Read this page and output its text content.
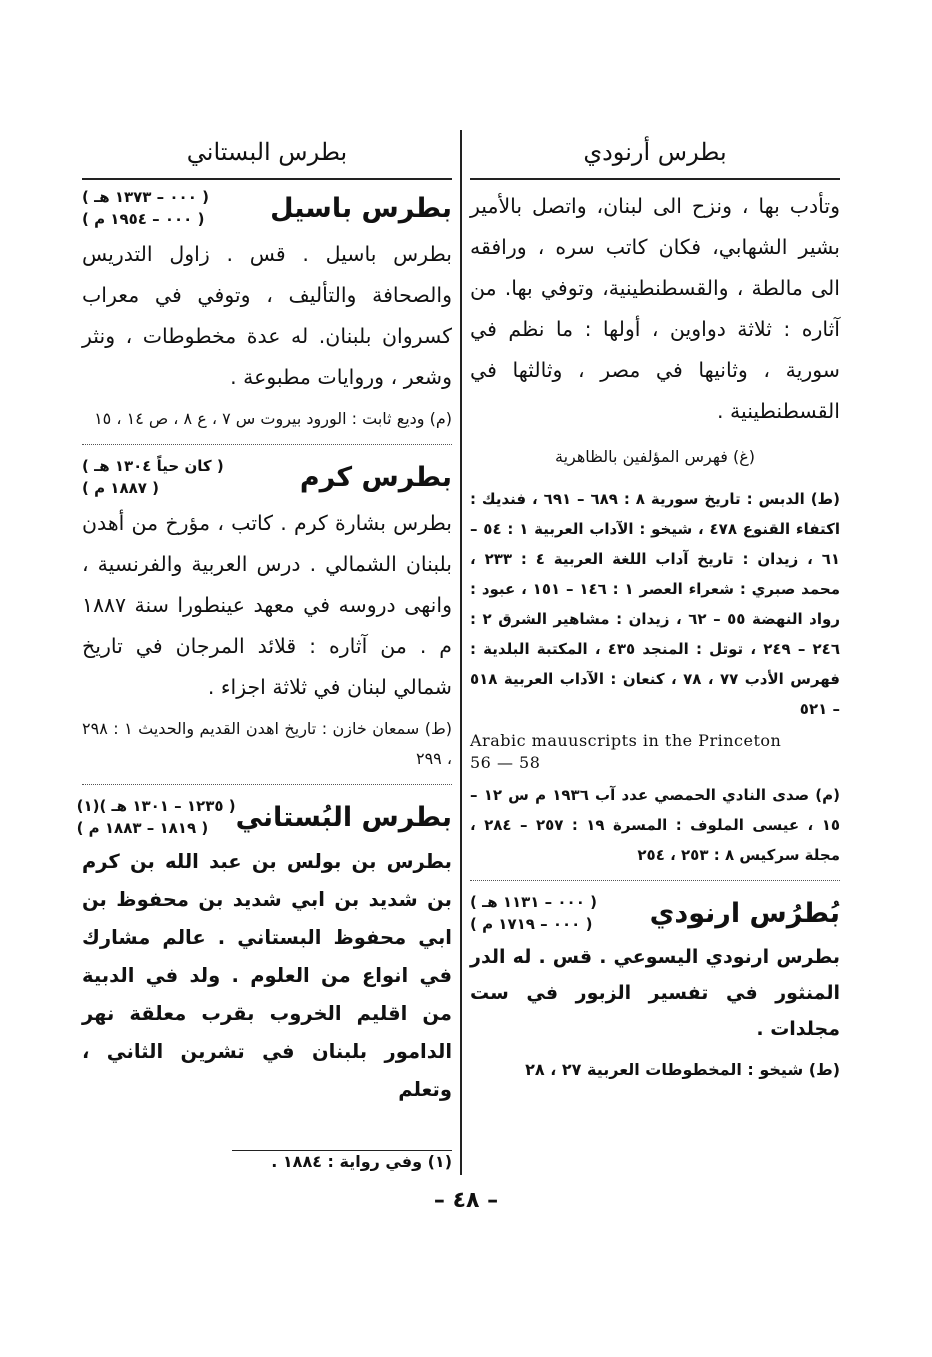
بطرس أرنودي
وتأدب بها ، ونزح الى لبنان، واتصل بالأمير بشير الشهابي، فكان كاتب سره ، ورافقه الى مالطة ، والقسطنطينية، وتوفي بها. من آثاره : ثلاثة دواوين ، أولها : ما نظم في سورية ، وثانيها في مصر ، وثالثها في القسطنطينية .
(غ) فهرس المؤلفين بالظاهرية
(ط) الدبس : تاريخ سورية ٨ : ٦٨٩ – ٦٩١ ، فنديك : اكتفاء القنوع ٤٧٨ ، شيخو : الآداب العربية ١ : ٥٤ – ٦١ ، زيدان : تاريخ آداب اللغة العربية ٤ : ٢٣٣ ، محمد صبري : شعراء العصر ١ : ١٤٦ – ١٥١ ، عبود : رواد النهضة ٥٥ – ٦٢ ، زيدان : مشاهير الشرق ٢ : ٢٤٦ – ٢٤٩ ، توتل : المنجد ٤٣٥ ، المكتبة البلدية : فهرس الأدب ٧٧ ، ٧٨ ، كنعان : الآداب العربية ٥١٨ – ٥٢١
Arabic mauuscripts in the Princeton
56 — 58
(م) صدى النادي الحمصي عدد آب ١٩٣٦ م س ١٢ – ١٥ ، عيسى الملوف : المسرة ١٩ : ٢٥٧ – ٢٨٤ ، مجلة سركيس ٨ : ٢٥٣ ، ٢٥٤
بُطرُس ارنودي
( ٠٠٠ – ١١٣١ هـ )
( ٠٠٠ – ١٧١٩ م )
بطرس ارنودي اليسوعي . قس . له الدر المنثور في تفسير الزبور في ست مجلدات .
(ط) شيخو : المخطوطات العربية ٢٧ ، ٢٨
بطرس البستاني
بطرس باسيل
( ٠٠٠ – ١٣٧٣ هـ )
( ٠٠٠ – ١٩٥٤ م )
بطرس باسيل . قس . زاول التدريس والصحافة والتأليف ، وتوفي في معراب كسروان بلبنان. له عدة مخطوطات ، ونثر وشعر ، وروايات مطبوعة .
(م) وديع ثابت : الورود بيروت س ٧ ، ع ٨ ، ص ١٤ ، ١٥
بطرس كرم
( كان حياً ١٣٠٤ هـ )
( ١٨٨٧ م )
بطرس بشارة كرم . كاتب ، مؤرخ من أهدن بلبنان الشمالي . درس العربية والفرنسية ، وانهى دروسه في معهد عينطورا سنة ١٨٨٧ م . من آثاره : قلائد المرجان في تاريخ شمالي لبنان في ثلاثة اجزاء .
(ط) سمعان خازن : تاريخ اهدن القديم والحديث ١ : ٢٩٨ ، ٢٩٩
بطرس البُستاني
( ١٢٣٥ – ١٣٠١ هـ )(١)
( ١٨١٩ – ١٨٨٣ م )
بطرس بن بولس بن عبد الله بن كرم بن شديد بن ابي شديد بن محفوظ بن ابي محفوظ البستاني . عالم مشارك في انواع من العلوم . ولد في الدبية من اقليم الخروب بقرب معلقة نهر الدامور بلبنان في تشرين الثاني ، وتعلم
(١) وفي رواية : ١٨٨٤ .
– ٤٨ –
